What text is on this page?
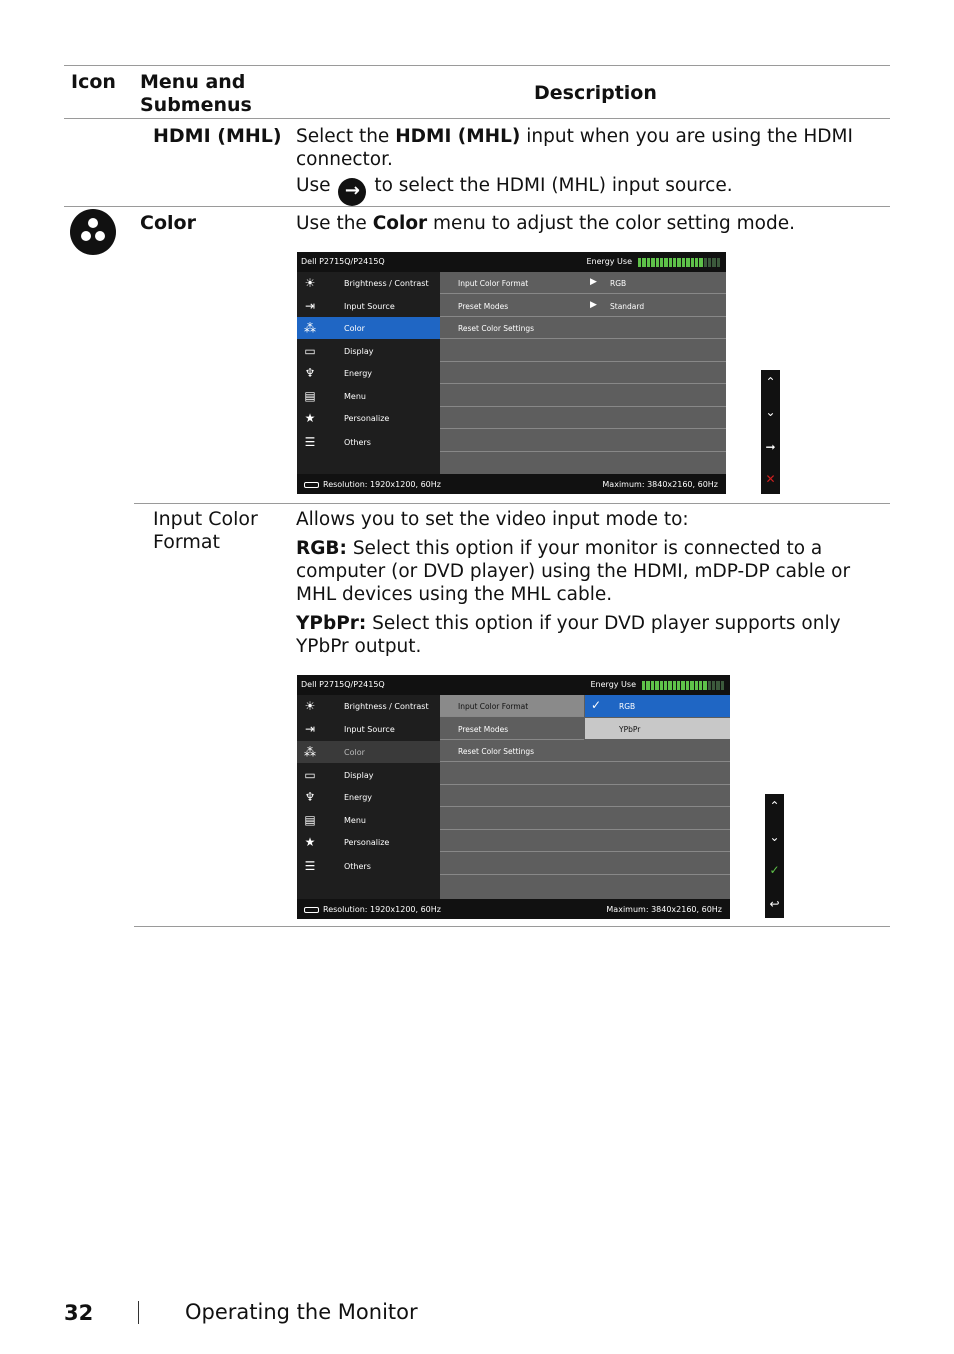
Icon Menu and
Submenus
Description
HDMI (MHL) Select the HDMI (MHL) input when you are using the HDMI connector.
Use → to select the HDMI (MHL) input source.
Color	Use the Color menu to adjust the color setting mode.
Dell P2715Q/P2415Q	Energy Use
☀	Brightness / Contrast
⇥	Input Source
⁂	Color
▭	Display
♆	Energy
▤	Menu
★	Personalize
☰	Others
Input Color Format	▶ RGB
Preset Modes	▶ Standard
Reset Color Settings
Resolution: 1920x1200, 60Hz	Maximum: 3840x2160, 60Hz
⌃
⌄
➞
✕
Input Color
Format
Allows you to set the video input mode to:
RGB: Select this option if your monitor is connected to a computer (or DVD player) using the HDMI, mDP-DP cable or MHL devices using the MHL cable.
YPbPr: Select this option if your DVD player supports only YPbPr output.
Dell P2715Q/P2415Q	Energy Use
☀	Brightness / Contrast
⇥	Input Source
⁂	Color
▭	Display
♆	Energy
▤	Menu
★	Personalize
☰	Others
Input Color Format	✓ RGB
Preset Modes	YPbPr
Reset Color Settings
Resolution: 1920x1200, 60Hz	Maximum: 3840x2160, 60Hz
⌃
⌄
✓
↩
32	Operating the Monitor
